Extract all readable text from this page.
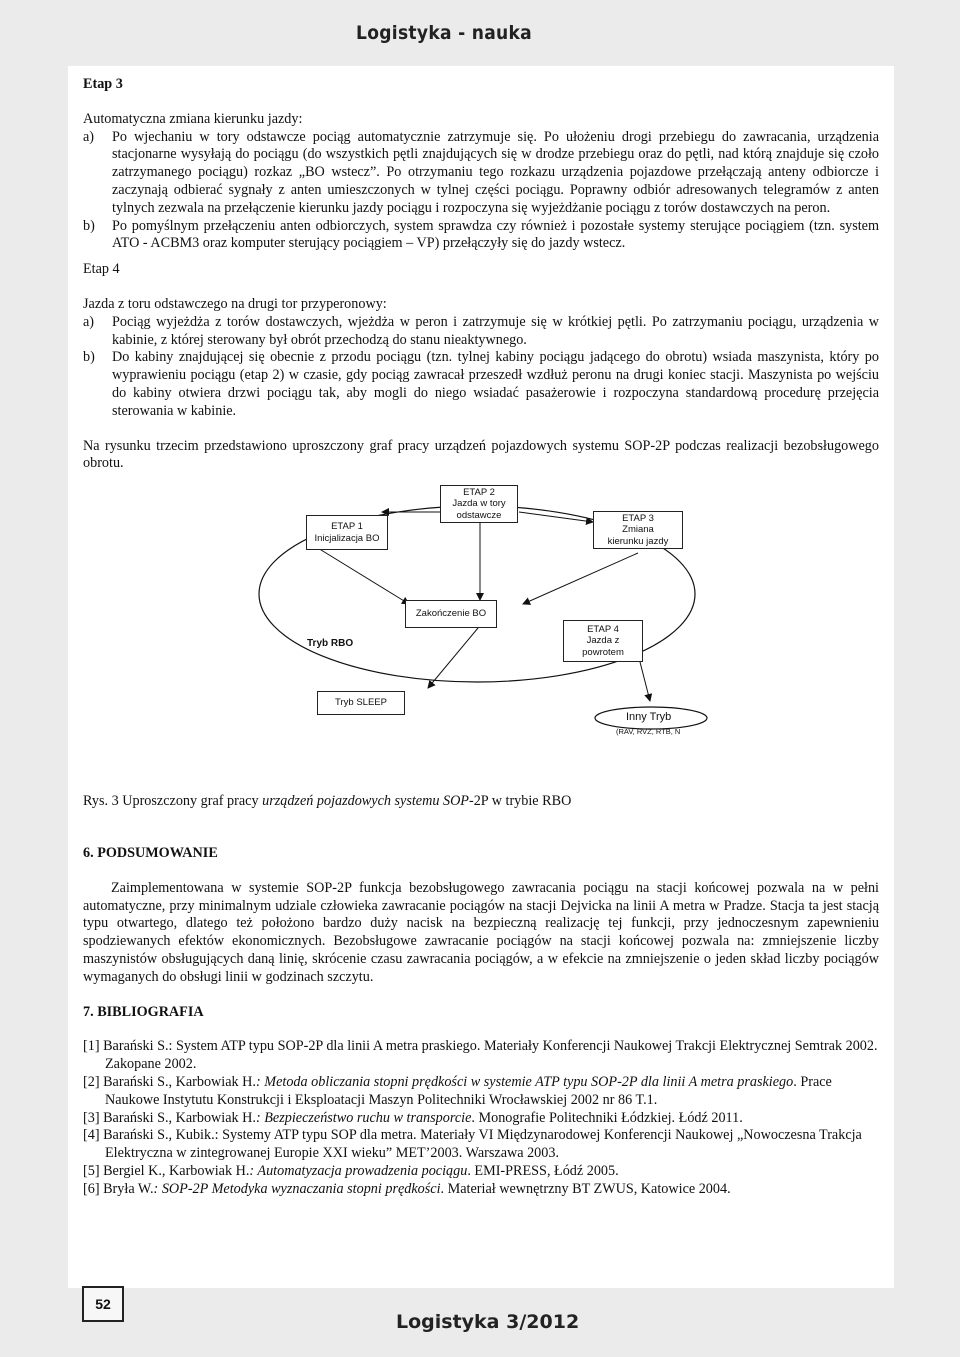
Logistyka - nauka

Etap 3

Automatyczna zmiana kierunku jazdy:

a)	Po wjechaniu w tory odstawcze pociąg automatycznie zatrzymuje się. Po ułożeniu drogi przebiegu do zawracania, urządzenia stacjonarne wysyłają do pociągu (do wszystkich pętli znajdujących się w drodze przebiegu oraz do pętli, nad którą znajduje się czoło zatrzymanego pociągu) rozkaz „BO wstecz”. Po otrzymaniu tego rozkazu urządzenia pojazdowe przełączają anteny odbiorcze i zaczynają odbierać sygnały z anten umieszczonych w tylnej części pociągu. Poprawny odbiór adresowanych telegramów z anten tylnych zezwala na przełączenie kierunku jazdy pociągu i rozpoczyna się wyjeżdżanie pociągu z torów dostawczych na peron.
b)	Po pomyślnym przełączeniu anten odbiorczych, system sprawdza czy również i pozostałe systemy sterujące pociągiem (tzn. system ATO - ACBM3 oraz komputer sterujący pociągiem – VP) przełączyły się do jazdy wstecz.

Etap 4

Jazda z toru odstawczego na drugi tor przyperonowy:

a)	Pociąg wyjeżdża z torów dostawczych, wjeżdża w peron i zatrzymuje się w krótkiej pętli. Po zatrzymaniu pociągu, urządzenia w kabinie, z której sterowany był obrót przechodzą do stanu nieaktywnego.
b)	Do kabiny znajdującej się obecnie z przodu pociągu (tzn. tylnej kabiny pociągu jadącego do obrotu) wsiada maszynista, który po wyprawieniu pociągu (etap 2) w czasie, gdy pociąg zawracał przeszedł wzdłuż peronu na drugi koniec stacji. Maszynista po wejściu do kabiny otwiera drzwi pociągu tak, aby mogli do niego wsiadać pasażerowie i rozpoczyna standardową procedurę przejęcia sterowania w kabinie.

Na rysunku trzecim przedstawiono uproszczony graf pracy urządzeń pojazdowych systemu SOP-2P podczas realizacji bezobsługowego obrotu.

ETAP 1
Inicjalizacja BO
ETAP 2
Jazda w tory
odstawcze	ETAP 3
Zmiana
kierunku jazdy
Zakończenie BO
Tryb RBO
ETAP 4
Jazda z
powrotem
Tryb SLEEP
Inny Tryb
(RAV, RVZ, RTB, N

Rys. 3 Uproszczony graf pracy urządzeń pojazdowych systemu SOP-2P w trybie RBO

6. PODSUMOWANIE

Zaimplementowana w systemie SOP-2P funkcja bezobsługowego zawracania pociągu na stacji końcowej pozwala na w pełni automatyczne, przy minimalnym udziale człowieka zawracanie pociągów na stacji Dejvicka na linii A metra w Pradze. Stacja ta jest stacją typu otwartego, dlatego też położono bardzo duży nacisk na bezpieczną realizację tej funkcji, przy jednoczesnym zapewnieniu spodziewanych efektów ekonomicznych. Bezobsługowe zawracanie pociągów na stacji końcowej pozwala na: zmniejszenie liczby maszynistów obsługujących daną linię, skrócenie czasu zawracania pociągów, a w efekcie na zmniejszenie o jeden skład liczby pociągów wymaganych do obsługi linii w godzinach szczytu.

7. BIBLIOGRAFIA

[1] Barański S.: System ATP typu SOP-2P dla linii A metra praskiego. Materiały Konferencji Naukowej Trakcji Elektrycznej Semtrak 2002. Zakopane 2002.

[2] Barański S., Karbowiak H.: Metoda obliczania stopni prędkości w systemie ATP typu SOP-2P dla linii A metra praskiego. Prace Naukowe Instytutu Konstrukcji i Eksploatacji Maszyn Politechniki Wrocławskiej 2002 nr 86 T.1.

[3] Barański S., Karbowiak H.: Bezpieczeństwo ruchu w transporcie. Monografie Politechniki Łódzkiej. Łódź 2011.

[4] Barański S., Kubik.: Systemy ATP typu SOP dla metra. Materiały VI Międzynarodowej Konferencji Naukowej „Nowoczesna Trakcja Elektryczna w zintegrowanej Europie XXI wieku” MET’2003. Warszawa 2003.

[5] Bergiel K., Karbowiak H.: Automatyzacja prowadzenia pociągu. EMI-PRESS, Łódź 2005.

[6] Bryła W.: SOP-2P Metodyka wyznaczania stopni prędkości. Materiał wewnętrzny BT ZWUS, Katowice 2004.

52
Logistyka 3/2012
